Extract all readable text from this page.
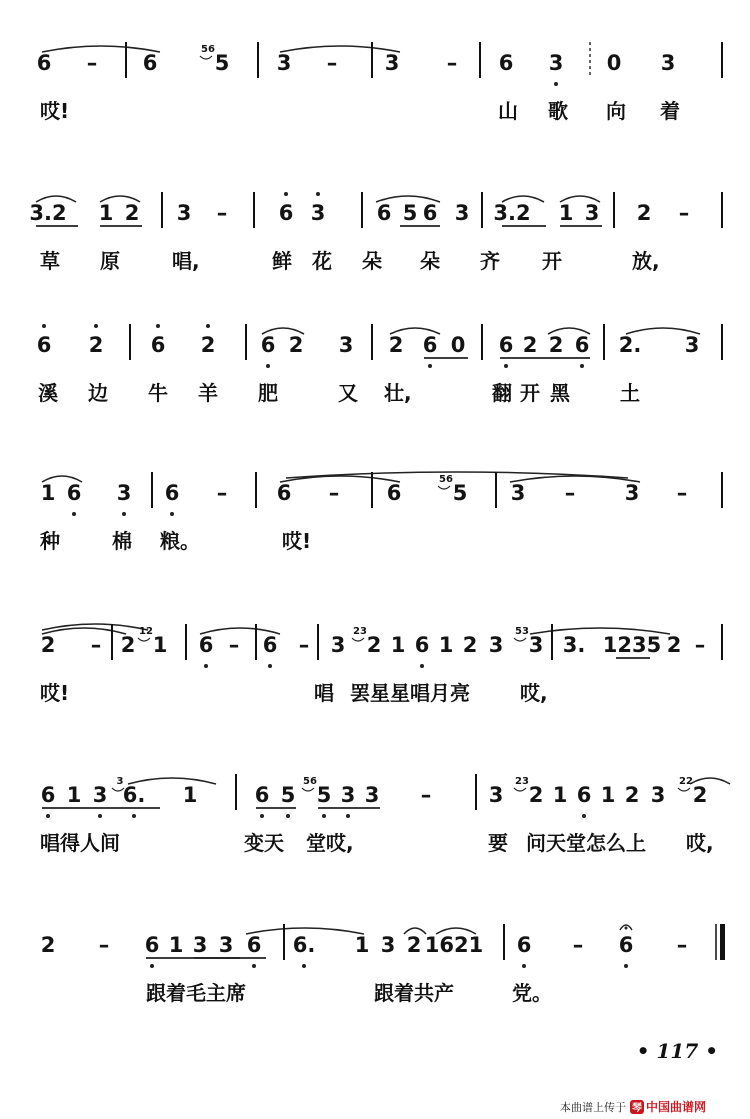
6 – 6	5
56
3 – 3 – 6 3 0 3
哎!	山 歌 向 着
3.2 1 2 3 – 6 3 6 5 6 3 3.2 1 3 2 –
草 原	唱,	鲜 花 朵 朵 齐 开	放,
6 2 6 2 6 2 3 2 6 0 6 2 2 6 2. 3
溪 边 牛 羊 肥	又 壮,	翻 开 黑	土
1 6 3 6 – 6 – 6 5
56
3 – 3 –
种	棉 粮。	哎!
2 – 2 1
12
6 – 6 – 3 2
23
1 6 1 2 3 3
53
3. 1235 2 –
哎!	唱 罢星星唱月亮	哎,
6 1 3 6.
3
1	6 5 5
56
3 3 –	3 2
23
1 6 1 2 3 2
22
唱得人间	变天 堂哎,	要 问天堂怎么上 哎,
2 – 6 1 3 3 6 6. 1 3 2 1621 6 – 6 –
跟着毛主席	跟着共产	党。
• 117 •
本曲谱上传于 琴 中国曲谱网
